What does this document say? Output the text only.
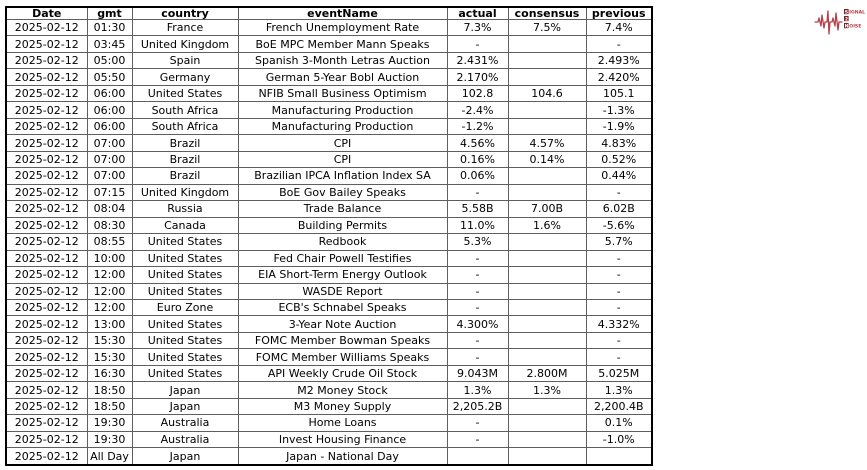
Date	gmt	country	eventName	actual	consensus	previous
2025-02-12	01:30	France	French Unemployment Rate	7.3%	7.5%	7.4%
2025-02-12	03:45	United Kingdom	BoE MPC Member Mann Speaks	-		-
2025-02-12	05:00	Spain	Spanish 3-Month Letras Auction	2.431%		2.493%
2025-02-12	05:50	Germany	German 5-Year Bobl Auction	2.170%		2.420%
2025-02-12	06:00	United States	NFIB Small Business Optimism	102.8	104.6	105.1
2025-02-12	06:00	South Africa	Manufacturing Production	-2.4%		-1.3%
2025-02-12	06:00	South Africa	Manufacturing Production	-1.2%		-1.9%
2025-02-12	07:00	Brazil	CPI	4.56%	4.57%	4.83%
2025-02-12	07:00	Brazil	CPI	0.16%	0.14%	0.52%
2025-02-12	07:00	Brazil	Brazilian IPCA Inflation Index SA	0.06%		0.44%
2025-02-12	07:15	United Kingdom	BoE Gov Bailey Speaks	-		-
2025-02-12	08:04	Russia	Trade Balance	5.58B	7.00B	6.02B
2025-02-12	08:30	Canada	Building Permits	11.0%	1.6%	-5.6%
2025-02-12	08:55	United States	Redbook	5.3%		5.7%
2025-02-12	10:00	United States	Fed Chair Powell Testifies	-		-
2025-02-12	12:00	United States	EIA Short-Term Energy Outlook	-		-
2025-02-12	12:00	United States	WASDE Report	-		-
2025-02-12	12:00	Euro Zone	ECB's Schnabel Speaks	-		-
2025-02-12	13:00	United States	3-Year Note Auction	4.300%		4.332%
2025-02-12	15:30	United States	FOMC Member Bowman Speaks	-		-
2025-02-12	15:30	United States	FOMC Member Williams Speaks	-		-
2025-02-12	16:30	United States	API Weekly Crude Oil Stock	9.043M	2.800M	5.025M
2025-02-12	18:50	Japan	M2 Money Stock	1.3%	1.3%	1.3%
2025-02-12	18:50	Japan	M3 Money Supply	2,205.2B		2,200.4B
2025-02-12	19:30	Australia	Home Loans	-		0.1%
2025-02-12	19:30	Australia	Invest Housing Finance	-		-1.0%
2025-02-12	All Day	Japan	Japan - National Day			
S IGNAL
2
N OISE
